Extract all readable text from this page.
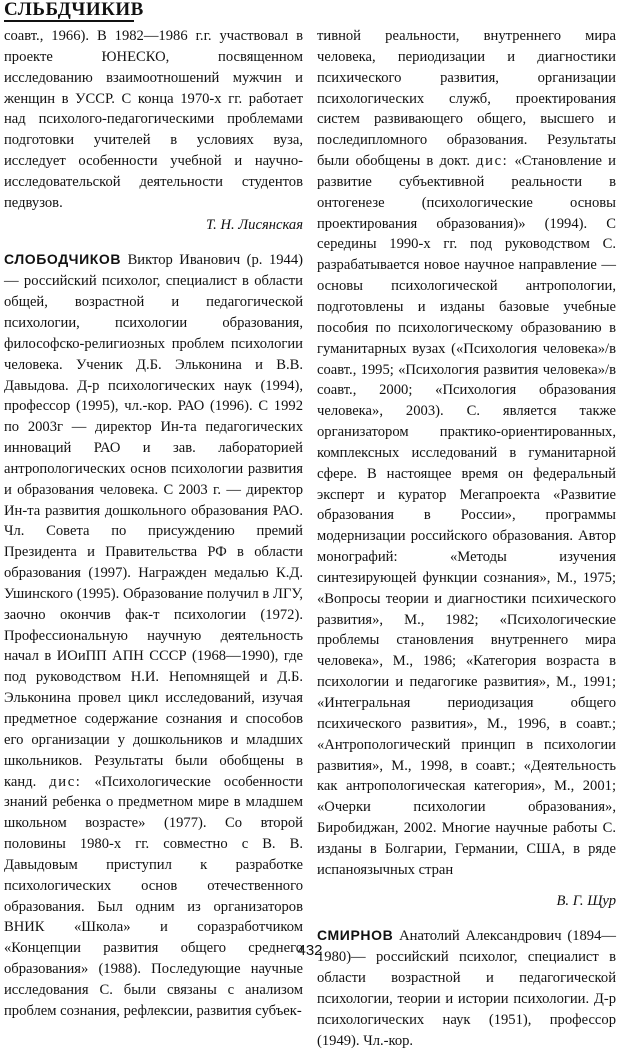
СЛЬБДЧИКИВ

соавт., 1966). В 1982—1986 г.г. участвовал в проекте ЮНЕСКО, посвященном исследованию взаимоотношений мужчин и женщин в УССР. С конца 1970-х гг. работает над психолого-педагогическими проблемами подготовки учителей в условиях вуза, исследует особенности учебной и научно-исследовательской деятельности студентов педвузов.

Т. Н. Лисянская

СЛОБОДЧИКОВ Виктор Иванович (р. 1944) — российский психолог, специалист в области общей, возрастной и педагогической психологии, психологии образования, философско-религиозных проблем психологии человека. Ученик Д.Б. Эльконина и В.В. Давыдова. Д-р психологических наук (1994), профессор (1995), чл.-кор. РАО (1996). С 1992 по 2003г — директор Ин-та педагогических инноваций РАО и зав. лабораторией антропологических основ психологии развития и образования человека. С 2003 г. — директор Ин-та развития дошкольного образования РАО. Чл. Совета по присуждению премий Президента и Правительства РФ в области образования (1997). Награжден медалью К.Д. Ушинского (1995). Образование получил в ЛГУ, заочно окончив фак-т психологии (1972). Профессиональную научную деятельность начал в ИОиПП АПН СССР (1968—1990), где под руководством Н.И. Непомнящей и Д.Б. Эльконина провел цикл исследований, изучая предметное содержание сознания и способов его организации у дошкольников и младших школьников. Результаты были обобщены в канд. дис: «Психологические особенности знаний ребенка о предметном мире в младшем школьном возрасте» (1977). Со второй половины 1980-х гг. совместно с В. В. Давыдовым приступил к разработке психологических основ отечественного образования. Был одним из организаторов ВНИК «Школа» и соразработчиком «Концепции развития общего среднего образования» (1988). Последующие научные исследования С. были связаны с анализом проблем сознания, рефлексии, развития субъек-

тивной реальности, внутреннего мира человека, периодизации и диагностики психического развития, организации психологических служб, проектирования систем развивающего общего, высшего и последипломного образования. Результаты были обобщены в докт. дис: «Становление и развитие субъективной реальности в онтогенезе (психологические основы проектирования образования)» (1994). С середины 1990-х гг. под руководством С. разрабатывается новое научное направление — основы психологической антропологии, подготовлены и изданы базовые учебные пособия по психологическому образованию в гуманитарных вузах («Психология человека»/в соавт., 1995; «Психология развития человека»/в соавт., 2000; «Психология образования человека», 2003). С. является также организатором практико-ориентированных, комплексных исследований в гуманитарной сфере. В настоящее время он федеральный эксперт и куратор Мегапроекта «Развитие образования в России», программы модернизации российского образования. Автор монографий: «Методы изучения синтезирующей функции сознания», М., 1975; «Вопросы теории и диагностики психического развития», М., 1982; «Психологические проблемы становления внутреннего мира человека», М., 1986; «Категория возраста в психологии и педагогике развития», М., 1991; «Интегральная периодизация общего психического развития», М., 1996, в соавт.; «Антропологический принцип в психологии развития», М., 1998, в соавт.; «Деятельность как антропологическая категория», М., 2001; «Очерки психологии образования», Биробиджан, 2002. Многие научные работы С. изданы в Болгарии, Германии, США, в ряде испаноязычных стран

В. Г. Щур

СМИРНОВ Анатолий Александрович (1894—1980)— российский психолог, специалист в области возрастной и педагогической психологии, теории и истории психологии. Д-р психологических наук (1951), профессор (1949). Чл.-кор.

432
